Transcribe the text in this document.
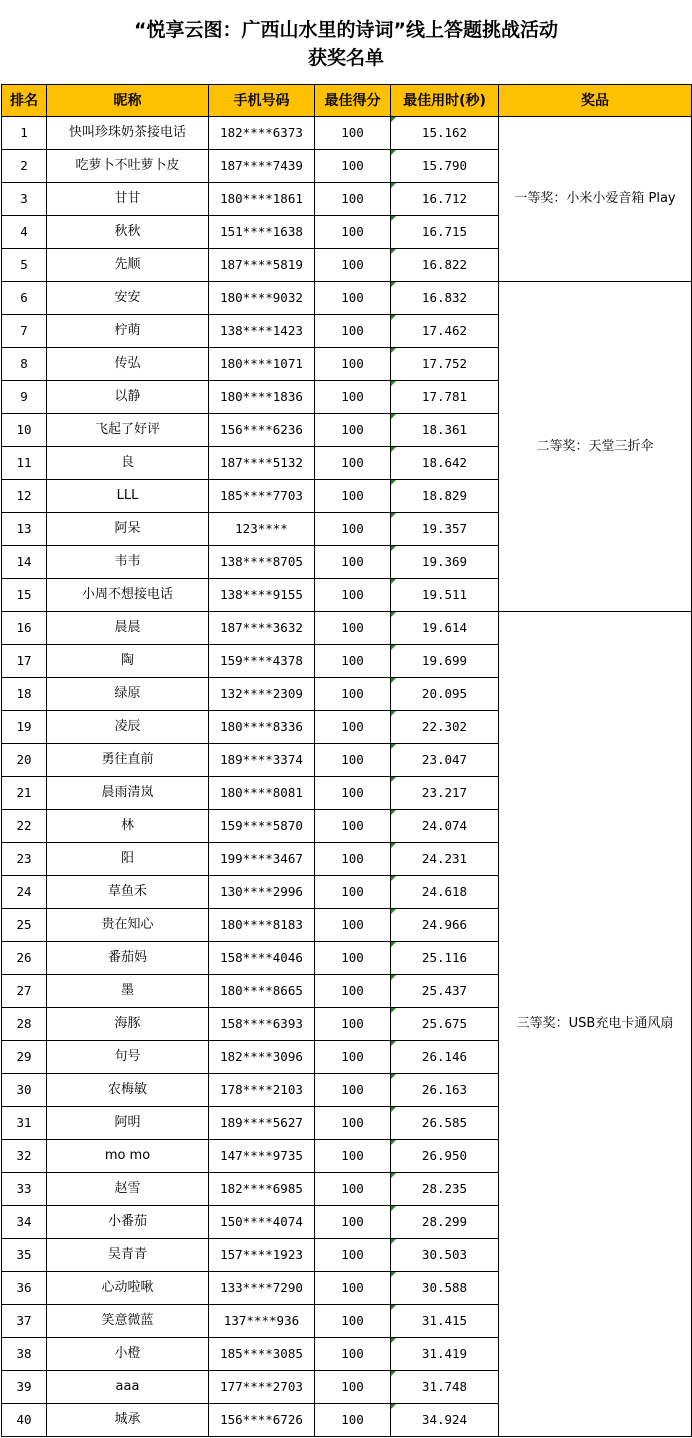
“悦享云图：广西山水里的诗词”线上答题挑战活动
获奖名单
排名	昵称	手机号码	最佳得分	最佳用时(秒)	奖品
1	快叫珍珠奶茶接电话	182****6373	100	15.162	一等奖：小米小爱音箱 Play
2	吃萝卜不吐萝卜皮	187****7439	100	15.790	
3	甘甘	180****1861	100	16.712	
4	秋秋	151****1638	100	16.715	
5	先顺	187****5819	100	16.822	
6	安安	180****9032	100	16.832	二等奖：天堂三折伞
7	柠萌	138****1423	100	17.462	
8	传弘	180****1071	100	17.752	
9	以静	180****1836	100	17.781	
10	飞起了好评	156****6236	100	18.361	
11	良	187****5132	100	18.642	
12	LLL	185****7703	100	18.829	
13	阿呆	123****	100	19.357	
14	韦韦	138****8705	100	19.369	
15	小周不想接电话	138****9155	100	19.511	
16	晨晨	187****3632	100	19.614	三等奖：USB充电卡通风扇
17	陶	159****4378	100	19.699	
18	绿原	132****2309	100	20.095	
19	凌辰	180****8336	100	22.302	
20	勇往直前	189****3374	100	23.047	
21	晨雨清岚	180****8081	100	23.217	
22	林	159****5870	100	24.074	
23	阳	199****3467	100	24.231	
24	草鱼禾	130****2996	100	24.618	
25	贵在知心	180****8183	100	24.966	
26	番茄妈	158****4046	100	25.116	
27	墨	180****8665	100	25.437	
28	海豚	158****6393	100	25.675	
29	句号	182****3096	100	26.146	
30	农梅敏	178****2103	100	26.163	
31	阿明	189****5627	100	26.585	
32	mo mo	147****9735	100	26.950	
33	赵雪	182****6985	100	28.235	
34	小番茄	150****4074	100	28.299	
35	吴青青	157****1923	100	30.503	
36	心动啦啾	133****7290	100	30.588	
37	笑意微蓝	137****936	100	31.415	
38	小橙	185****3085	100	31.419	
39	aaa	177****2703	100	31.748	
40	城承	156****6726	100	34.924	
